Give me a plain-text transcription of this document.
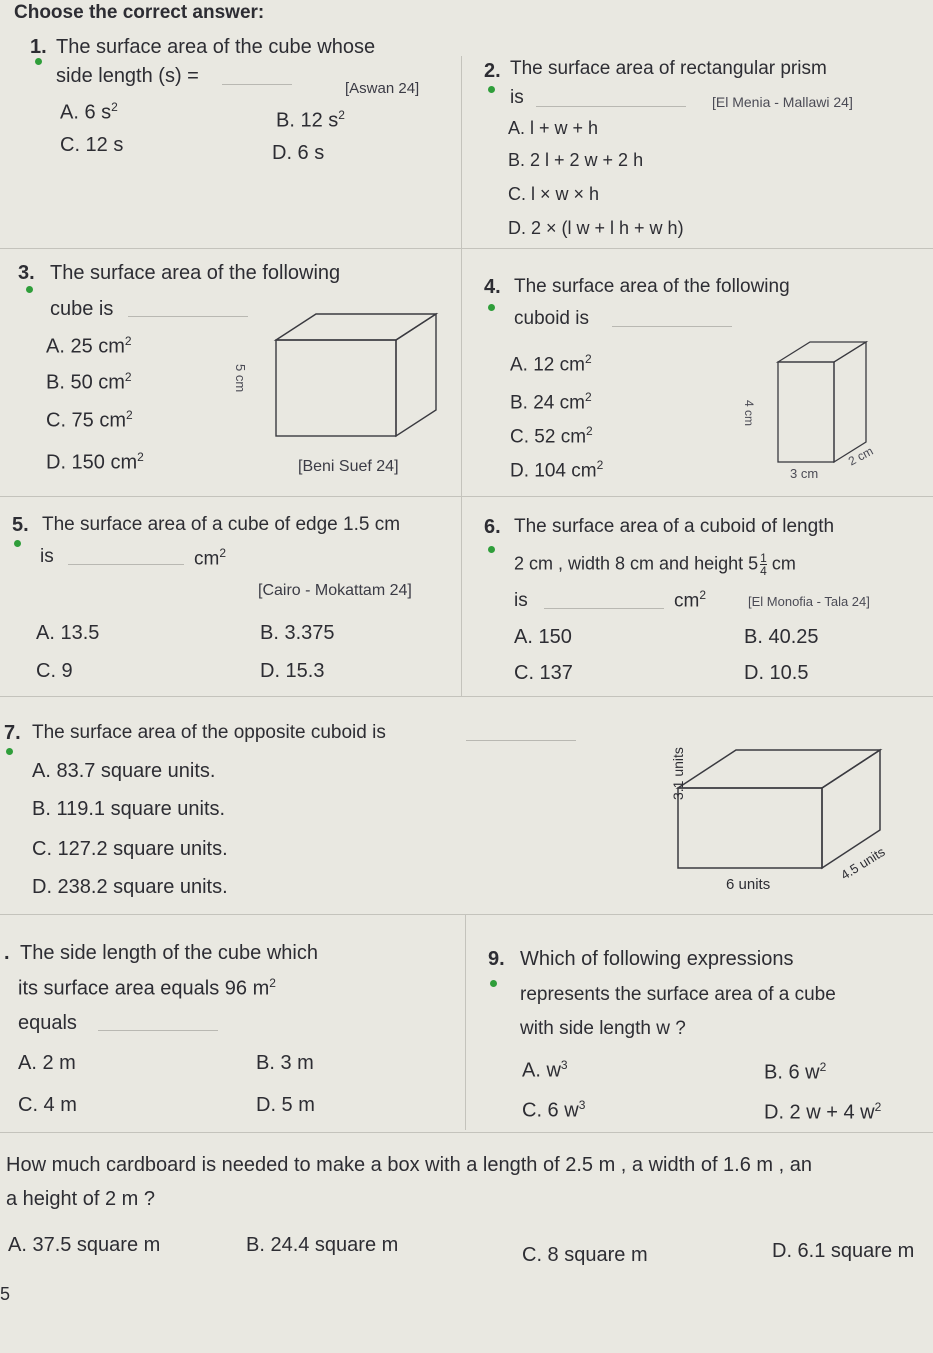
Choose the correct answer:
1. The surface area of the cube whose
side length (s) =
[Aswan 24]
A. 6 $s^2$
B. 12 $s^2$
C. 12 s	D. 6 s
2. The surface area of rectangular prism
is	[El Menia - Mallawi 24]
A. l + w + h
B. 2 l + 2 w + 2 h
C. l × w × h
D. 2 × (l w + l h + w h)
3. The surface area of the following
cube is
A. 25 $cm^2$
B. 50 $cm^2$
C. 75 $cm^2$
D. 150 $cm^2$
5 cm
[Beni Suef 24]
4. The surface area of the following
cuboid is
A. 12 $cm^2$
B. 24 $cm^2$
C. 52 $cm^2$
D. 104 $cm^2$
4 cm
3 cm
2 cm
5. The surface area of a cube of edge 1.5 cm
is	$cm^2$
[Cairo - Mokattam 24]
A. 13.5	B. 3.375
C. 9	D. 15.3
6. The surface area of a cuboid of length
2 cm , width 8 cm and height $5 \frac{1}{4}$ cm
is	$cm^2$	[El Monofia - Tala 24]
A. 150	B. 40.25
C. 137	D. 10.5
7. The surface area of the opposite cuboid is
A. 83.7 square units.
B. 119.1 square units.
C. 127.2 square units.
D. 238.2 square units.
3.1 units
6 units
4.5 units
. The side length of the cube which
its surface area equals 96 $m^2$
equals
A. 2 m	B. 3 m
C. 4 m	D. 5 m
9. Which of following expressions
represents the surface area of a cube
with side length w ?
A. $w^3$	B. 6 $w^2$
C. 6 $w^3$	D. 2 w + 4 $w^2$
How much cardboard is needed to make a box with a length of 2.5 m , a width of 1.6 m , an
a height of 2 m ?
A. 37.5 square m	B. 24.4 square m	C. 8 square m	D. 6.1 square m
5
